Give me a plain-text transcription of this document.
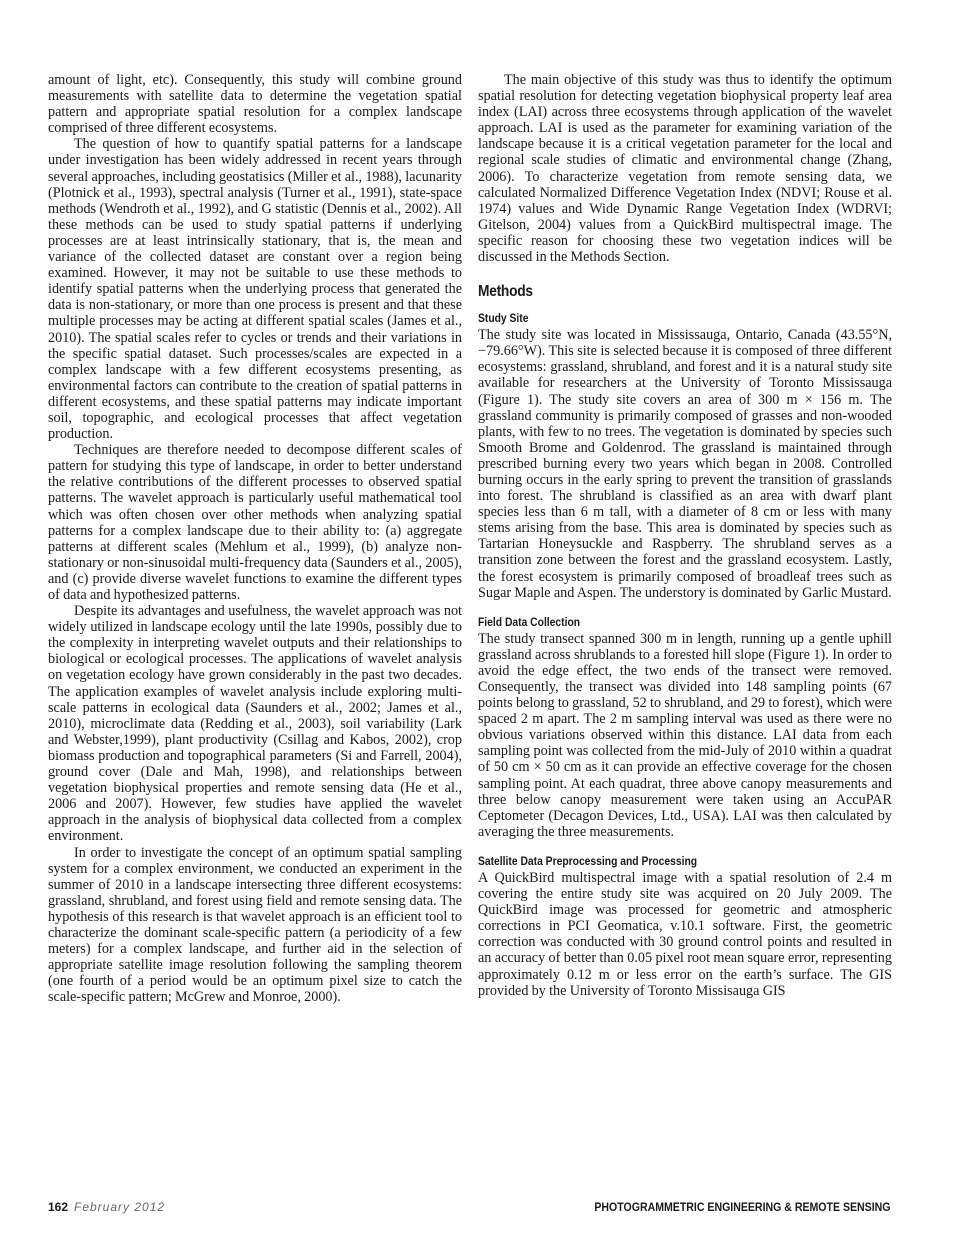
amount of light, etc). Consequently, this study will combine ground measurements with satellite data to determine the vegetation spatial pattern and appropriate spatial resolution for a complex landscape comprised of three different ecosystems.

The question of how to quantify spatial patterns for a landscape under investigation has been widely addressed in recent years through several approaches, including geostatisics (Miller et al., 1988), lacunarity (Plotnick et al., 1993), spectral analysis (Turner et al., 1991), state-space methods (Wendroth et al., 1992), and G statistic (Dennis et al., 2002). All these methods can be used to study spatial patterns if underlying processes are at least intrinsically stationary, that is, the mean and variance of the collected dataset are constant over a region being examined. However, it may not be suitable to use these methods to identify spatial patterns when the underlying process that generated the data is non-stationary, or more than one process is present and that these multiple processes may be acting at different spatial scales (James et al., 2010). The spatial scales refer to cycles or trends and their variations in the specific spatial dataset. Such processes/scales are expected in a complex landscape with a few different ecosystems presenting, as environmental factors can contribute to the creation of spatial patterns in different ecosystems, and these spatial patterns may indicate important soil, topographic, and ecological processes that affect vegetation production.

Techniques are therefore needed to decompose different scales of pattern for studying this type of landscape, in order to better understand the relative contributions of the different processes to observed spatial patterns. The wavelet approach is particularly useful mathematical tool which was often chosen over other methods when analyzing spatial patterns for a complex landscape due to their ability to: (a) aggregate patterns at different scales (Mehlum et al., 1999), (b) analyze non-stationary or non-sinusoidal multi-frequency data (Saunders et al., 2005), and (c) provide diverse wavelet functions to examine the different types of data and hypothesized patterns.

Despite its advantages and usefulness, the wavelet approach was not widely utilized in landscape ecology until the late 1990s, possibly due to the complexity in interpreting wavelet outputs and their relationships to biological or ecological processes. The applications of wavelet analysis on vegetation ecology have grown considerably in the past two decades. The application examples of wavelet analysis include exploring multi-scale patterns in ecological data (Saunders et al., 2002; James et al., 2010), microclimate data (Redding et al., 2003), soil variability (Lark and Webster,1999), plant productivity (Csillag and Kabos, 2002), crop biomass production and topographical parameters (Si and Farrell, 2004), ground cover (Dale and Mah, 1998), and relationships between vegetation biophysical properties and remote sensing data (He et al., 2006 and 2007). However, few studies have applied the wavelet approach in the analysis of biophysical data collected from a complex environment.

In order to investigate the concept of an optimum spatial sampling system for a complex environment, we conducted an experiment in the summer of 2010 in a landscape intersecting three different ecosystems: grassland, shrubland, and forest using field and remote sensing data. The hypothesis of this research is that wavelet approach is an efficient tool to characterize the dominant scale-specific pattern (a periodicity of a few meters) for a complex landscape, and further aid in the selection of appropriate satellite image resolution following the sampling theorem (one fourth of a period would be an optimum pixel size to catch the scale-specific pattern; McGrew and Monroe, 2000).

The main objective of this study was thus to identify the optimum spatial resolution for detecting vegetation biophysical property leaf area index (LAI) across three ecosystems through application of the wavelet approach. LAI is used as the parameter for examining variation of the landscape because it is a critical vegetation parameter for the local and regional scale studies of climatic and environmental change (Zhang, 2006). To characterize vegetation from remote sensing data, we calculated Normalized Difference Vegetation Index (NDVI; Rouse et al. 1974) values and Wide Dynamic Range Vegetation Index (WDRVI; Gitelson, 2004) values from a QuickBird multispectral image. The specific reason for choosing these two vegetation indices will be discussed in the Methods Section.

Methods
Study Site

The study site was located in Mississauga, Ontario, Canada (43.55°N, −79.66°W). This site is selected because it is composed of three different ecosystems: grassland, shrubland, and forest and it is a natural study site available for researchers at the University of Toronto Mississauga (Figure 1). The study site covers an area of 300 m × 156 m. The grassland community is primarily composed of grasses and non-wooded plants, with few to no trees. The vegetation is dominated by species such Smooth Brome and Goldenrod. The grassland is maintained through prescribed burning every two years which began in 2008. Controlled burning occurs in the early spring to prevent the transition of grasslands into forest. The shrubland is classified as an area with dwarf plant species less than 6 m tall, with a diameter of 8 cm or less with many stems arising from the base. This area is dominated by species such as Tartarian Honeysuckle and Raspberry. The shrubland serves as a transition zone between the forest and the grassland ecosystem. Lastly, the forest ecosystem is primarily composed of broadleaf trees such as Sugar Maple and Aspen. The understory is dominated by Garlic Mustard.

Field Data Collection

The study transect spanned 300 m in length, running up a gentle uphill grassland across shrublands to a forested hill slope (Figure 1). In order to avoid the edge effect, the two ends of the transect were removed. Consequently, the transect was divided into 148 sampling points (67 points belong to grassland, 52 to shrubland, and 29 to forest), which were spaced 2 m apart. The 2 m sampling interval was used as there were no obvious variations observed within this distance. LAI data from each sampling point was collected from the mid-July of 2010 within a quadrat of 50 cm × 50 cm as it can provide an effective coverage for the chosen sampling point. At each quadrat, three above canopy measurements and three below canopy measurement were taken using an AccuPAR Ceptometer (Decagon Devices, Ltd., USA). LAI was then calculated by averaging the three measurements.

Satellite Data Preprocessing and Processing

A QuickBird multispectral image with a spatial resolution of 2.4 m covering the entire study site was acquired on 20 July 2009. The QuickBird image was processed for geometric and atmospheric corrections in PCI Geomatica, v.10.1 software. First, the geometric correction was conducted with 30 ground control points and resulted in an accuracy of better than 0.05 pixel root mean square error, representing approximately 0.12 m or less error on the earth’s surface. The GIS provided by the University of Toronto Missisauga GIS

162 February 2012	PHOTOGRAMMETRIC ENGINEERING & REMOTE SENSING
